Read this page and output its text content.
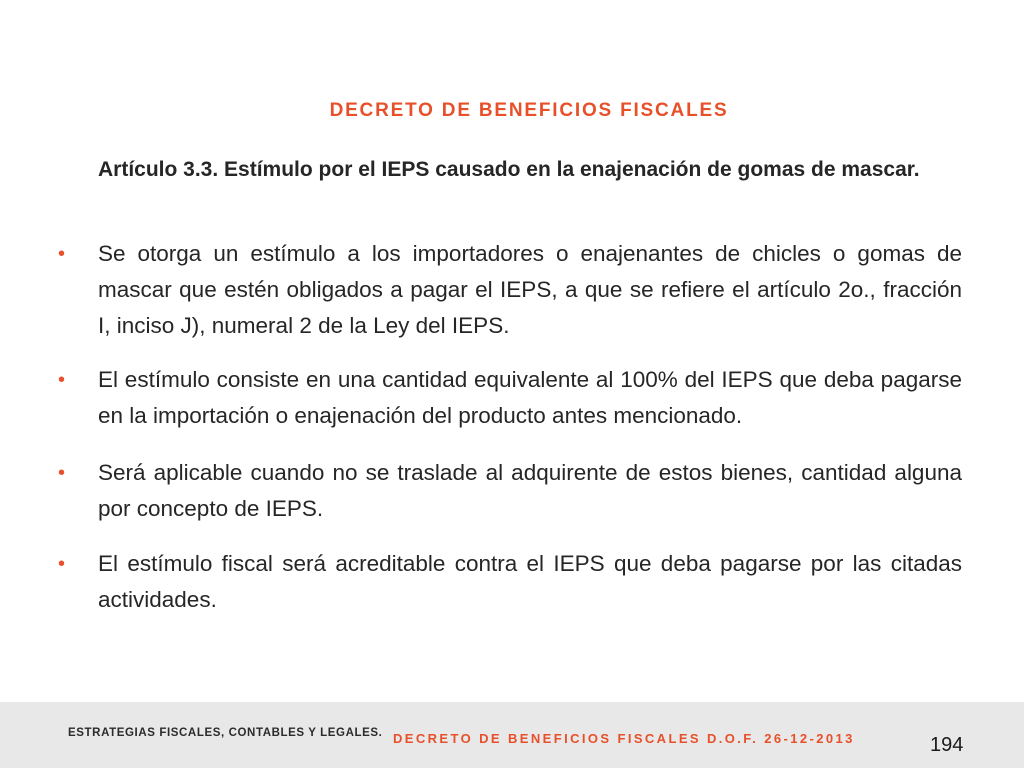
DECRETO DE BENEFICIOS FISCALES
Artículo 3.3. Estímulo por el IEPS causado en la enajenación de gomas de mascar.
• Se otorga un estímulo a los importadores o enajenantes de chicles o gomas de mascar que estén obligados a pagar el IEPS, a que se refiere el artículo 2o., fracción I, inciso J), numeral 2 de la Ley del IEPS.
• El estímulo consiste en una cantidad equivalente al 100% del IEPS que deba pagarse en la importación o enajenación del producto antes mencionado.
• Será aplicable cuando no se traslade al adquirente de estos bienes, cantidad alguna por concepto de IEPS.
• El estímulo fiscal será acreditable contra el IEPS que deba pagarse por las citadas actividades.
ESTRATEGIAS FISCALES, CONTABLES Y LEGALES. DECRETO DE BENEFICIOS FISCALES D.O.F. 26-12-2013	194
